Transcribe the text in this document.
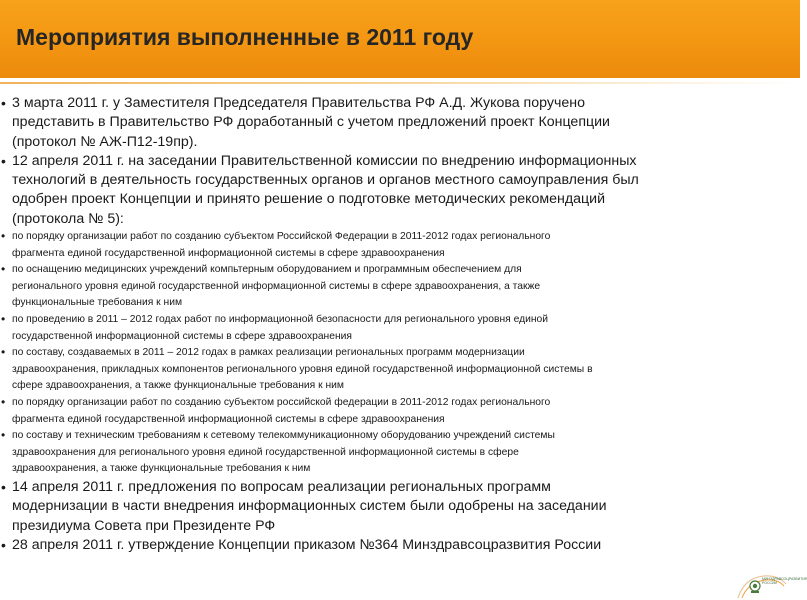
Мероприятия выполненные в 2011 году
• 3 марта 2011 г. у Заместителя Председателя Правительства РФ А.Д. Жукова поручено
представить в Правительство РФ доработанный с учетом предложений проект Концепции
(протокол № АЖ-П12-19пр).
• 12 апреля 2011 г. на заседании Правительственной комиссии по внедрению информационных
технологий в деятельность государственных органов и органов местного самоуправления был
одобрен проект Концепции и принято решение о подготовке методических рекомендаций
(протокола № 5):
• по порядку организации работ по созданию субъектом Российской Федерации в 2011-2012 годах регионального
фрагмента единой государственной информационной системы в сфере здравоохранения
• по оснащению медицинских учреждений компьтерным оборудованием и программным обеспечением для
регионального уровня единой государственной информационной системы в сфере здравоохранения, а также
функциональные требования к ним
• по проведению в 2011 – 2012 годах работ по информационной безопасности для регионального уровня единой
государственной информационной системы в сфере здравоохранения
• по составу, создаваемых в 2011 – 2012 годах в рамках реализации региональных программ модернизации
здравоохранения, прикладных компонентов регионального уровня единой государственной информационной системы в
сфере здравоохранения, а также функциональные требования к ним
• по порядку организации работ по созданию субъектом российской федерации в 2011-2012 годах регионального
фрагмента единой государственной информационной системы в сфере здравоохранения
• по составу и техническим требованиям к сетевому телекоммуникационному оборудованию учреждений системы
здравоохранения для регионального уровня единой государственной информационной системы в сфере
здравоохранения, а также функциональные требования к ним
• 14 апреля 2011 г. предложения по вопросам реализации региональных программ
модернизации в части внедрения информационных систем были одобрены на заседании
президиума Совета при Президенте РФ
• 28 апреля 2011 г. утверждение Концепции приказом №364 Минздравсоцразвития России
МИНЗДРАВСОЦРАЗВИТИЯ
РОССИИ
